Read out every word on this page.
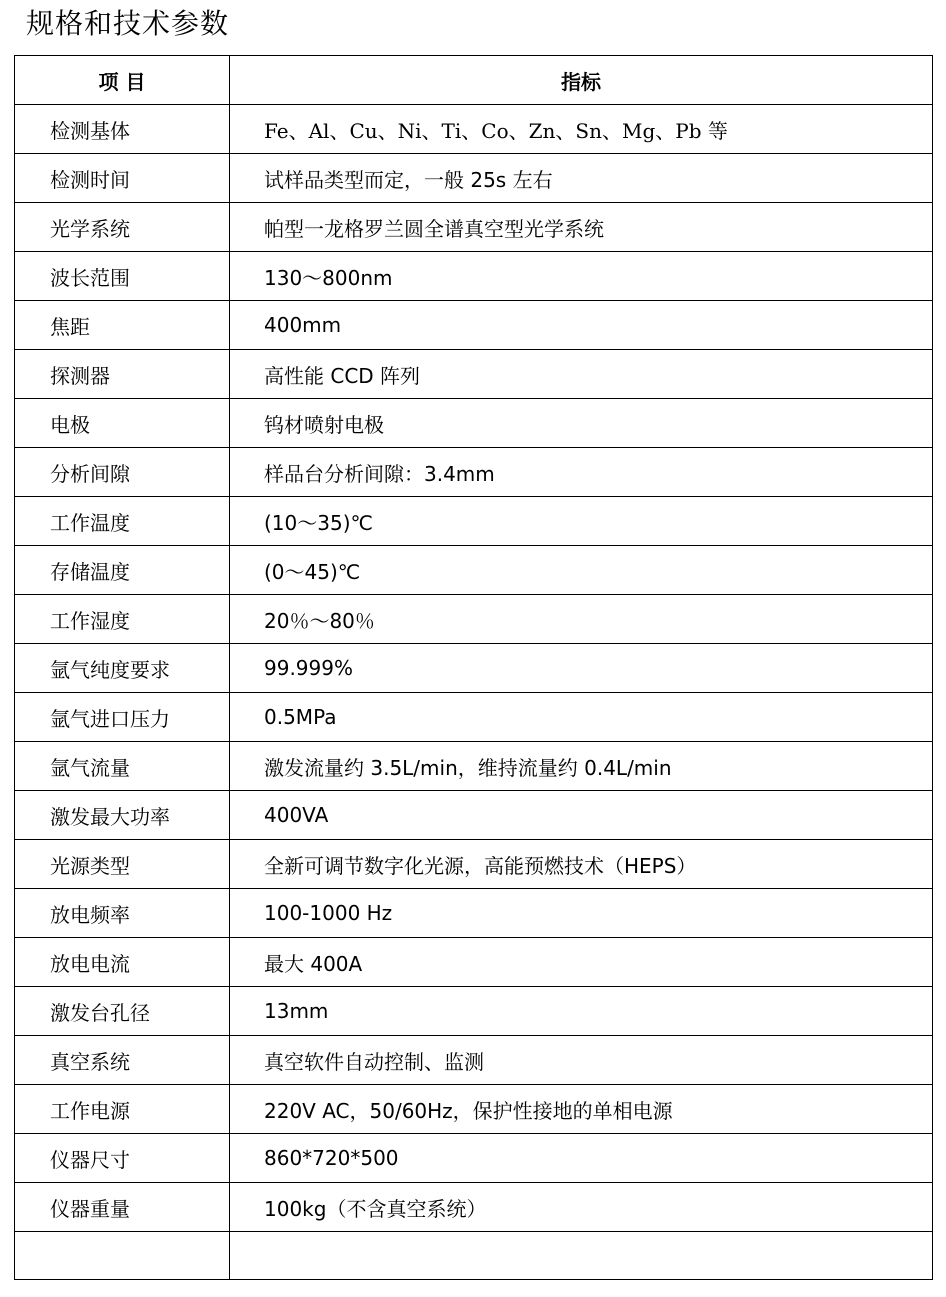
规格和技术参数
项 目	指标
检测基体	Fe、Al、Cu、Ni、Ti、Co、Zn、Sn、Mg、Pb 等
检测时间	试样品类型而定，一般 25s 左右
光学系统	帕型一龙格罗兰圆全谱真空型光学系统
波长范围	130～800nm
焦距	400mm
探测器	高性能 CCD 阵列
电极	钨材喷射电极
分析间隙	样品台分析间隙：3.4mm
工作温度	(10～35)℃
存储温度	(0～45)℃
工作湿度	20％～80％
氩气纯度要求	99.999%
氩气进口压力	0.5MPa
氩气流量	激发流量约 3.5L/min，维持流量约 0.4L/min
激发最大功率	400VA
光源类型	全新可调节数字化光源，高能预燃技术（HEPS）
放电频率	100-1000 Hz
放电电流	最大 400A
激发台孔径	13mm
真空系统	真空软件自动控制、监测
工作电源	220V AC，50/60Hz，保护性接地的单相电源
仪器尺寸	860*720*500
仪器重量	100kg（不含真空系统）
